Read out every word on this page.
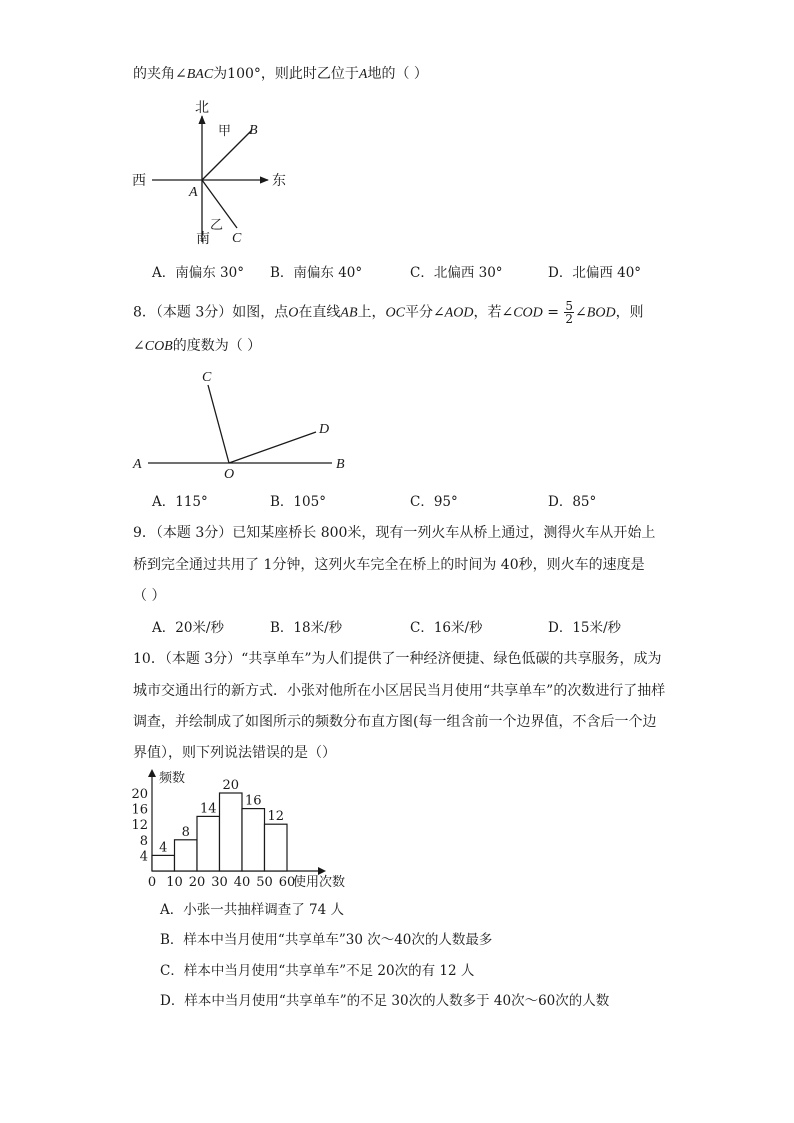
的夹角∠BAC为100°，则此时乙位于A地的（ ）
北
南
东
西
甲
乙
A
B
C
A．南偏东 30° B．南偏东 40°	C．北偏西 30°	D．北偏西 40°
8．（本题 3分）如图，点O在直线AB上，OC平分∠AOD，若∠COD = $\frac{5}{2}$ ∠BOD，则
∠COB的度数为（ ）
A	B
C
D
O
A．115°	B．105°	C．95°	D．85°
9．（本题 3分）已知某座桥长 800米，现有一列火车从桥上通过，测得火车从开始上
桥到完全通过共用了 1分钟，这列火车完全在桥上的时间为 40秒，则火车的速度是
（ ）
A．20米/秒	B．18米/秒	C．16米/秒	D．15米/秒
10．（本题 3分）“共享单车”为人们提供了一种经济便捷、绿色低碳的共享服务，成为
城市交通出行的新方式．小张对他所在小区居民当月使用“共享单车”的次数进行了抽样
调查，并绘制成了如图所示的频数分布直方图(每一组含前一个边界值，不含后一个边
界值），则下列说法错误的是（）
频数
使用次数
4
8
12
16
20
0 10 20 30 40 50 60
4
8
14
20
16
12
A．小张一共抽样调查了 74 人
B．样本中当月使用“共享单车”30 次～40次的人数最多
C．样本中当月使用“共享单车”不足 20次的有 12 人
D．样本中当月使用“共享单车”的不足 30次的人数多于 40次～60次的人数
